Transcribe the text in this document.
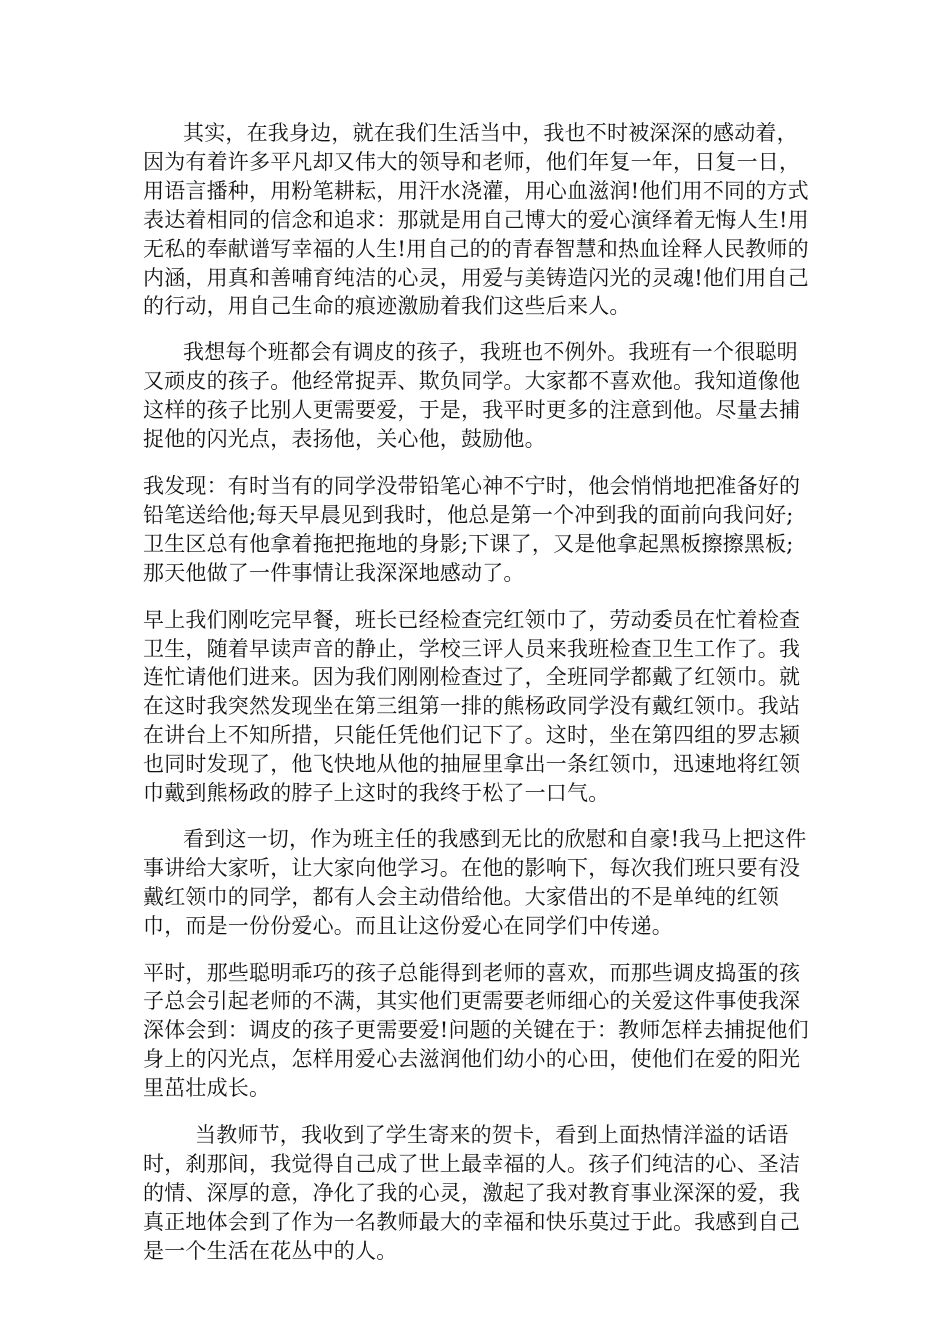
其实，在我身边，就在我们生活当中，我也不时被深深的感动着，因为有着许多平凡却又伟大的领导和老师，他们年复一年，日复一日，用语言播种，用粉笔耕耘，用汗水浇灌，用心血滋润!他们用不同的方式表达着相同的信念和追求：那就是用自己博大的爱心演绎着无悔人生!用无私的奉献谱写幸福的人生!用自己的的青春智慧和热血诠释人民教师的内涵，用真和善哺育纯洁的心灵，用爱与美铸造闪光的灵魂!他们用自己的行动，用自己生命的痕迹激励着我们这些后来人。

我想每个班都会有调皮的孩子，我班也不例外。我班有一个很聪明又顽皮的孩子。他经常捉弄、欺负同学。大家都不喜欢他。我知道像他这样的孩子比别人更需要爱，于是，我平时更多的注意到他。尽量去捕捉他的闪光点，表扬他，关心他，鼓励他。

我发现：有时当有的同学没带铅笔心神不宁时，他会悄悄地把准备好的铅笔送给他;每天早晨见到我时，他总是第一个冲到我的面前向我问好;卫生区总有他拿着拖把拖地的身影;下课了，又是他拿起黑板擦擦黑板;那天他做了一件事情让我深深地感动了。

早上我们刚吃完早餐，班长已经检查完红领巾了，劳动委员在忙着检查卫生，随着早读声音的静止，学校三评人员来我班检查卫生工作了。我连忙请他们进来。因为我们刚刚检查过了，全班同学都戴了红领巾。就在这时我突然发现坐在第三组第一排的熊杨政同学没有戴红领巾。我站在讲台上不知所措，只能任凭他们记下了。这时，坐在第四组的罗志颍也同时发现了，他飞快地从他的抽屉里拿出一条红领巾，迅速地将红领巾戴到熊杨政的脖子上这时的我终于松了一口气。

看到这一切，作为班主任的我感到无比的欣慰和自豪!我马上把这件事讲给大家听，让大家向他学习。在他的影响下，每次我们班只要有没戴红领巾的同学，都有人会主动借给他。大家借出的不是单纯的红领巾，而是一份份爱心。而且让这份爱心在同学们中传递。

平时，那些聪明乖巧的孩子总能得到老师的喜欢，而那些调皮捣蛋的孩子总会引起老师的不满，其实他们更需要老师细心的关爱这件事使我深深体会到：调皮的孩子更需要爱!问题的关键在于：教师怎样去捕捉他们身上的闪光点，怎样用爱心去滋润他们幼小的心田，使他们在爱的阳光里茁壮成长。

当教师节，我收到了学生寄来的贺卡，看到上面热情洋溢的话语时，刹那间，我觉得自己成了世上最幸福的人。孩子们纯洁的心、圣洁的情、深厚的意，净化了我的心灵，激起了我对教育事业深深的爱，我真正地体会到了作为一名教师最大的幸福和快乐莫过于此。我感到自己是一个生活在花丛中的人。
